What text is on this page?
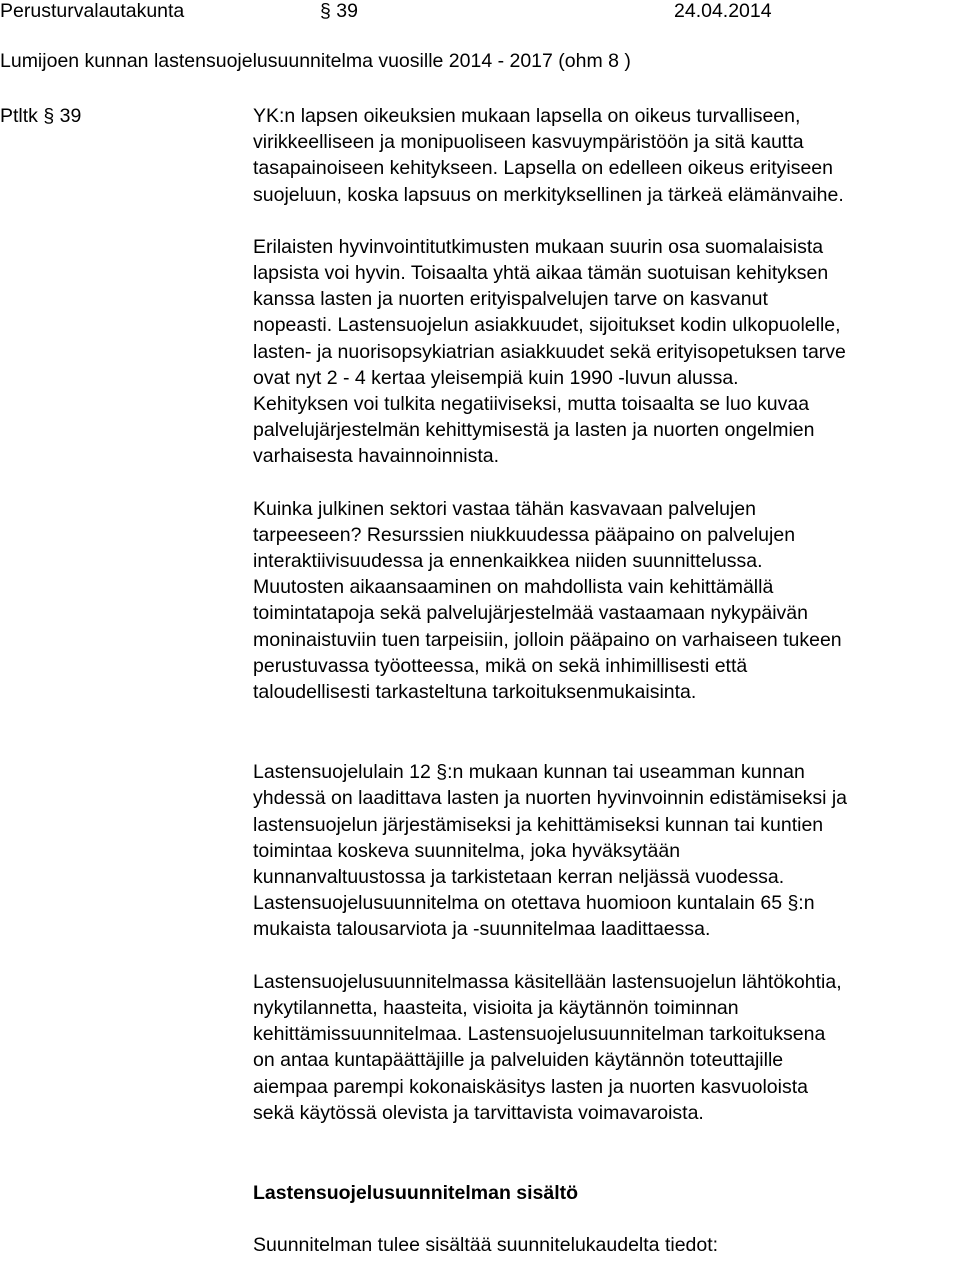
Perusturvalautakunta	§ 39	24.04.2014
Lumijoen kunnan lastensuojelusuunnitelma vuosille 2014 - 2017 (ohm 8 )
Ptltk § 39	YK:n lapsen oikeuksien mukaan lapsella on oikeus turvalliseen,
virikkeelliseen ja monipuoliseen kasvuympäristöön ja sitä kautta
tasapainoiseen kehitykseen. Lapsella on edelleen oikeus erityiseen
suojeluun, koska lapsuus on merkityksellinen ja tärkeä elämänvaihe.

Erilaisten hyvinvointitutkimusten mukaan suurin osa suomalaisista
lapsista voi hyvin. Toisaalta yhtä aikaa tämän suotuisan kehityksen
kanssa lasten ja nuorten erityispalvelujen tarve on kasvanut
nopeasti. Lastensuojelun asiakkuudet, sijoitukset kodin ulkopuolelle,
lasten- ja nuorisopsykiatrian asiakkuudet sekä erityisopetuksen tarve
ovat nyt 2 - 4 kertaa yleisempiä kuin 1990 -luvun alussa.
Kehityksen voi tulkita negatiiviseksi, mutta toisaalta se luo kuvaa
palvelujärjestelmän kehittymisestä ja lasten ja nuorten ongelmien
varhaisesta havainnoinnista.

Kuinka julkinen sektori vastaa tähän kasvavaan palvelujen
tarpeeseen? Resurssien niukkuudessa pääpaino on palvelujen
interaktiivisuudessa ja ennenkaikkea niiden suunnittelussa.
Muutosten aikaansaaminen on mahdollista vain kehittämällä
toimintatapoja sekä palvelujärjestelmää vastaamaan nykypäivän
moninaistuviin tuen tarpeisiin, jolloin pääpaino on varhaiseen tukeen
perustuvassa työotteessa, mikä on sekä inhimillisesti että
taloudellisesti tarkasteltuna tarkoituksenmukaisinta.

Lastensuojelulain 12 §:n mukaan kunnan tai useamman kunnan
yhdessä on laadittava lasten ja nuorten hyvinvoinnin edistämiseksi ja
lastensuojelun järjestämiseksi ja kehittämiseksi kunnan tai kuntien
toimintaa koskeva suunnitelma, joka hyväksytään
kunnanvaltuustossa ja tarkistetaan kerran neljässä vuodessa.
Lastensuojelusuunnitelma on otettava huomioon kuntalain 65 §:n
mukaista talousarviota ja -suunnitelmaa laadittaessa.

Lastensuojelusuunnitelmassa käsitellään lastensuojelun lähtökohtia,
nykytilannetta, haasteita, visioita ja käytännön toiminnan
kehittämissuunnitelmaa. Lastensuojelusuunnitelman tarkoituksena
on antaa kuntapäättäjille ja palveluiden käytännön toteuttajille
aiempaa parempi kokonaiskäsitys lasten ja nuorten kasvuoloista
sekä käytössä olevista ja tarvittavista voimavaroista.

Lastensuojelusuunnitelman sisältö

Suunnitelman tulee sisältää suunnitelukaudelta tiedot:
